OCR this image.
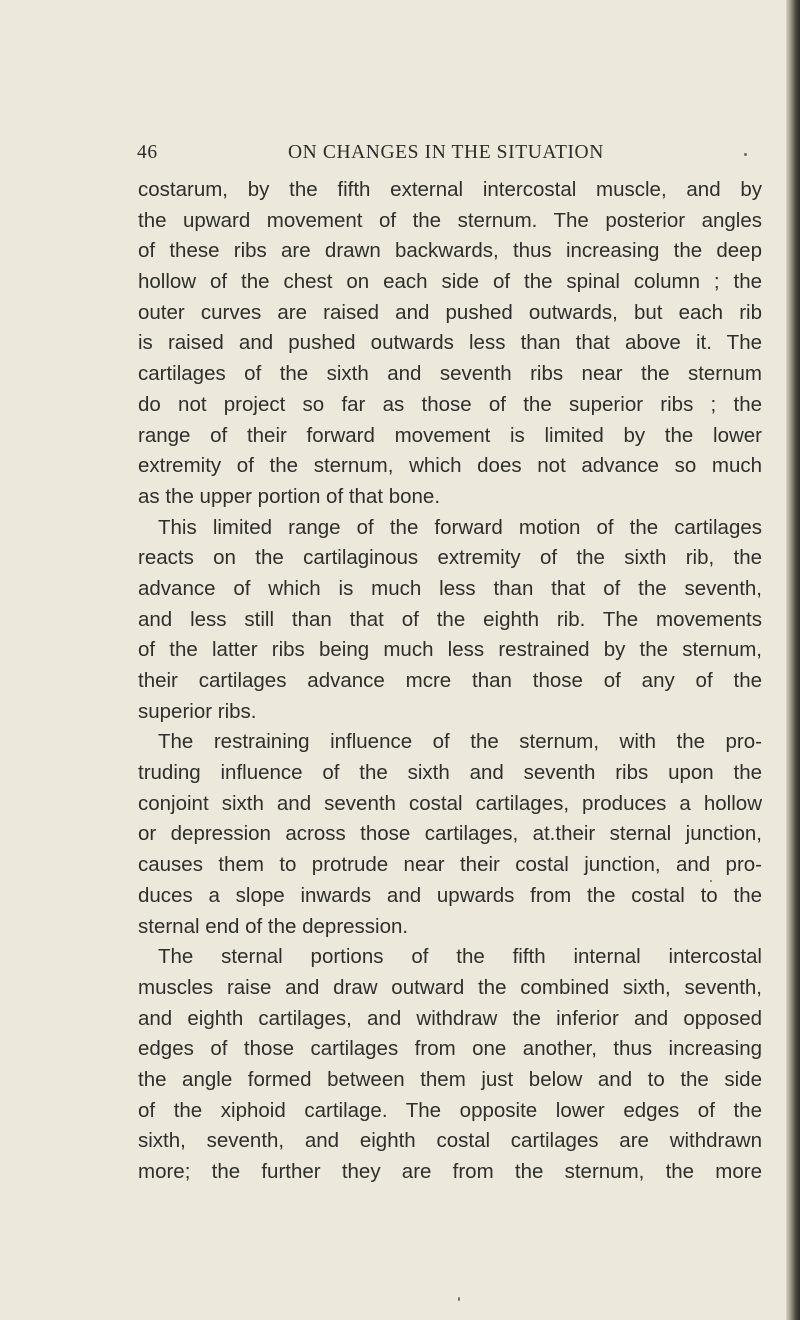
46	ON CHANGES IN THE SITUATION
costarum, by the fifth external intercostal muscle, and by
the upward movement of the sternum. The posterior angles
of these ribs are drawn backwards, thus increasing the deep
hollow of the chest on each side of the spinal column ; the
outer curves are raised and pushed outwards, but each rib
is raised and pushed outwards less than that above it. The
cartilages of the sixth and seventh ribs near the sternum
do not project so far as those of the superior ribs ; the
range of their forward movement is limited by the lower
extremity of the sternum, which does not advance so much
as the upper portion of that bone.
This limited range of the forward motion of the cartilages
reacts on the cartilaginous extremity of the sixth rib, the
advance of which is much less than that of the seventh,
and less still than that of the eighth rib. The movements
of the latter ribs being much less restrained by the sternum,
their cartilages advance mcre than those of any of the
superior ribs.
The restraining influence of the sternum, with the pro-
truding influence of the sixth and seventh ribs upon the
conjoint sixth and seventh costal cartilages, produces a hollow
or depression across those cartilages, at.their sternal junction,
causes them to protrude near their costal junction, and pro-
duces a slope inwards and upwards from the costal to the
sternal end of the depression.
The sternal portions of the fifth internal intercostal
muscles raise and draw outward the combined sixth, seventh,
and eighth cartilages, and withdraw the inferior and opposed
edges of those cartilages from one another, thus increasing
the angle formed between them just below and to the side
of the xiphoid cartilage. The opposite lower edges of the
sixth, seventh, and eighth costal cartilages are withdrawn
more; the further they are from the sternum, the more
